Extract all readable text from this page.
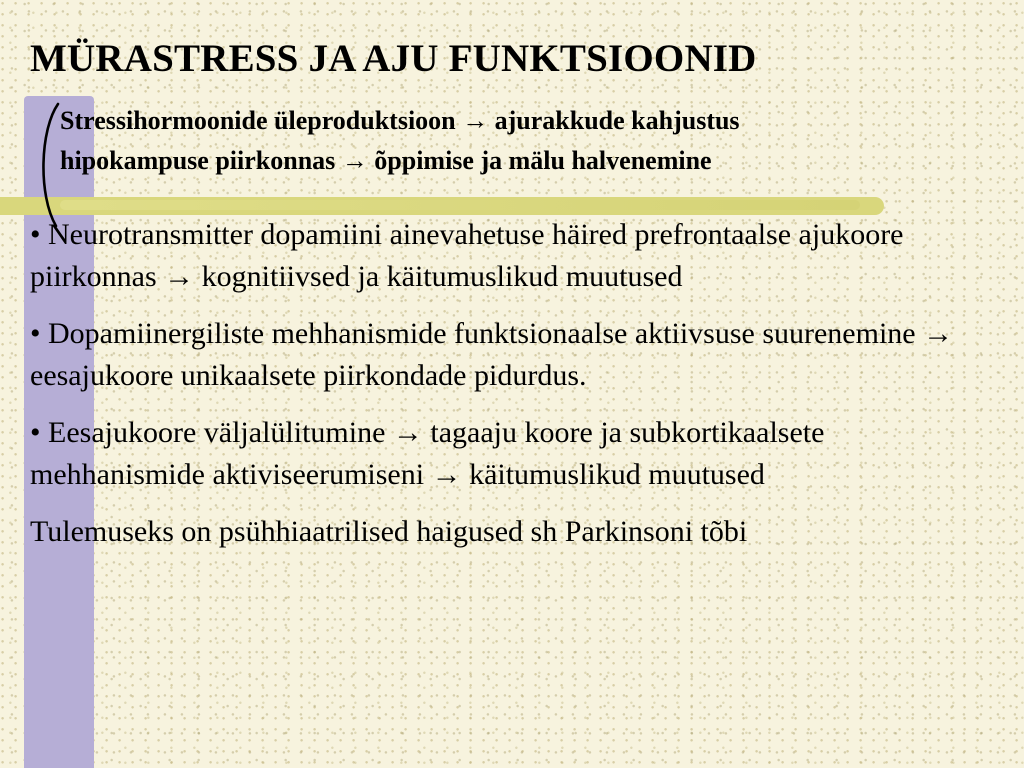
MÜRASTRESS JA AJU FUNKTSIOONID
Stressihormoonide üleproduktsioon → ajurakkude kahjustus
hipokampuse piirkonnas → õppimise ja mälu halvenemine

• Neurotransmitter dopamiini ainevahetuse häired prefrontaalse ajukoore piirkonnas → kognitiivsed ja käitumuslikud muutused

• Dopamiinergiliste mehhanismide funktsionaalse aktiivsuse suurenemine → eesajukoore unikaalsete piirkondade pidurdus.

• Eesajukoore väljalülitumine → tagaaju koore ja subkortikaalsete mehhanismide aktiviseerumiseni → käitumuslikud muutused

Tulemuseks on psühhiaatrilised haigused sh Parkinsoni tõbi
